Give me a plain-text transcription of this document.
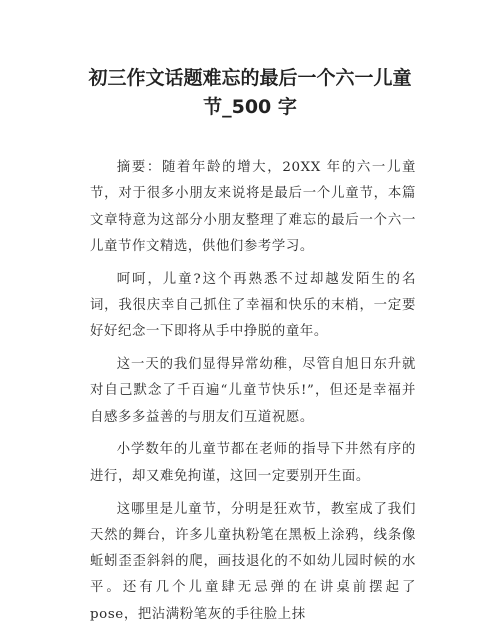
初三作文话题难忘的最后一个六一儿童
节_500 字

摘要：随着年龄的增大，20XX 年的六一儿童节，对于很多小朋友来说将是最后一个儿童节，本篇文章特意为这部分小朋友整理了难忘的最后一个六一儿童节作文精选，供他们参考学习。

呵呵，儿童?这个再熟悉不过却越发陌生的名词，我很庆幸自己抓住了幸福和快乐的末梢，一定要好好纪念一下即将从手中挣脱的童年。

这一天的我们显得异常幼稚，尽管自旭日东升就对自己默念了千百遍“儿童节快乐!”，但还是幸福并自感多多益善的与朋友们互道祝愿。

小学数年的儿童节都在老师的指导下井然有序的进行，却又难免拘谨，这回一定要别开生面。

这哪里是儿童节，分明是狂欢节，教室成了我们天然的舞台，许多儿童执粉笔在黑板上涂鸦，线条像蚯蚓歪歪斜斜的爬，画技退化的不如幼儿园时候的水平。还有几个儿童肆无忌弹的在讲桌前摆起了 pose，把沾满粉笔灰的手往脸上抹
